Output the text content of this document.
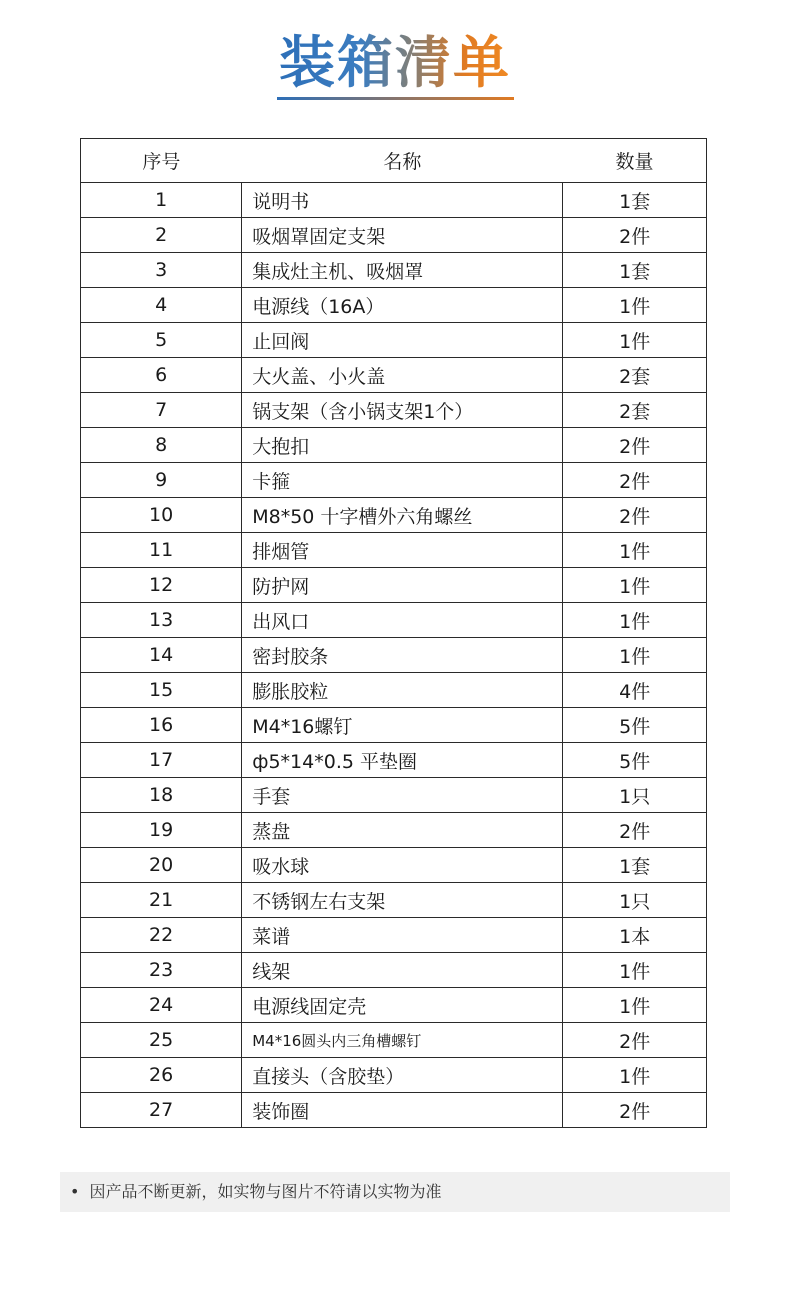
装箱清单
序号	名称	数量
1	说明书	1套
2	吸烟罩固定支架	2件
3	集成灶主机、吸烟罩	1套
4	电源线（16A）	1件
5	止回阀	1件
6	大火盖、小火盖	2套
7	锅支架（含小锅支架1个）	2套
8	大抱扣	2件
9	卡箍	2件
10	M8*50 十字槽外六角螺丝	2件
11	排烟管	1件
12	防护网	1件
13	出风口	1件
14	密封胶条	1件
15	膨胀胶粒	4件
16	M4*16螺钉	5件
17	ф5*14*0.5 平垫圈	5件
18	手套	1只
19	蒸盘	2件
20	吸水球	1套
21	不锈钢左右支架	1只
22	菜谱	1本
23	线架	1件
24	电源线固定壳	1件
25	M4*16圆头内三角槽螺钉	2件
26	直接头（含胶垫）	1件
27	装饰圈	2件
• 因产品不断更新，如实物与图片不符请以实物为准
